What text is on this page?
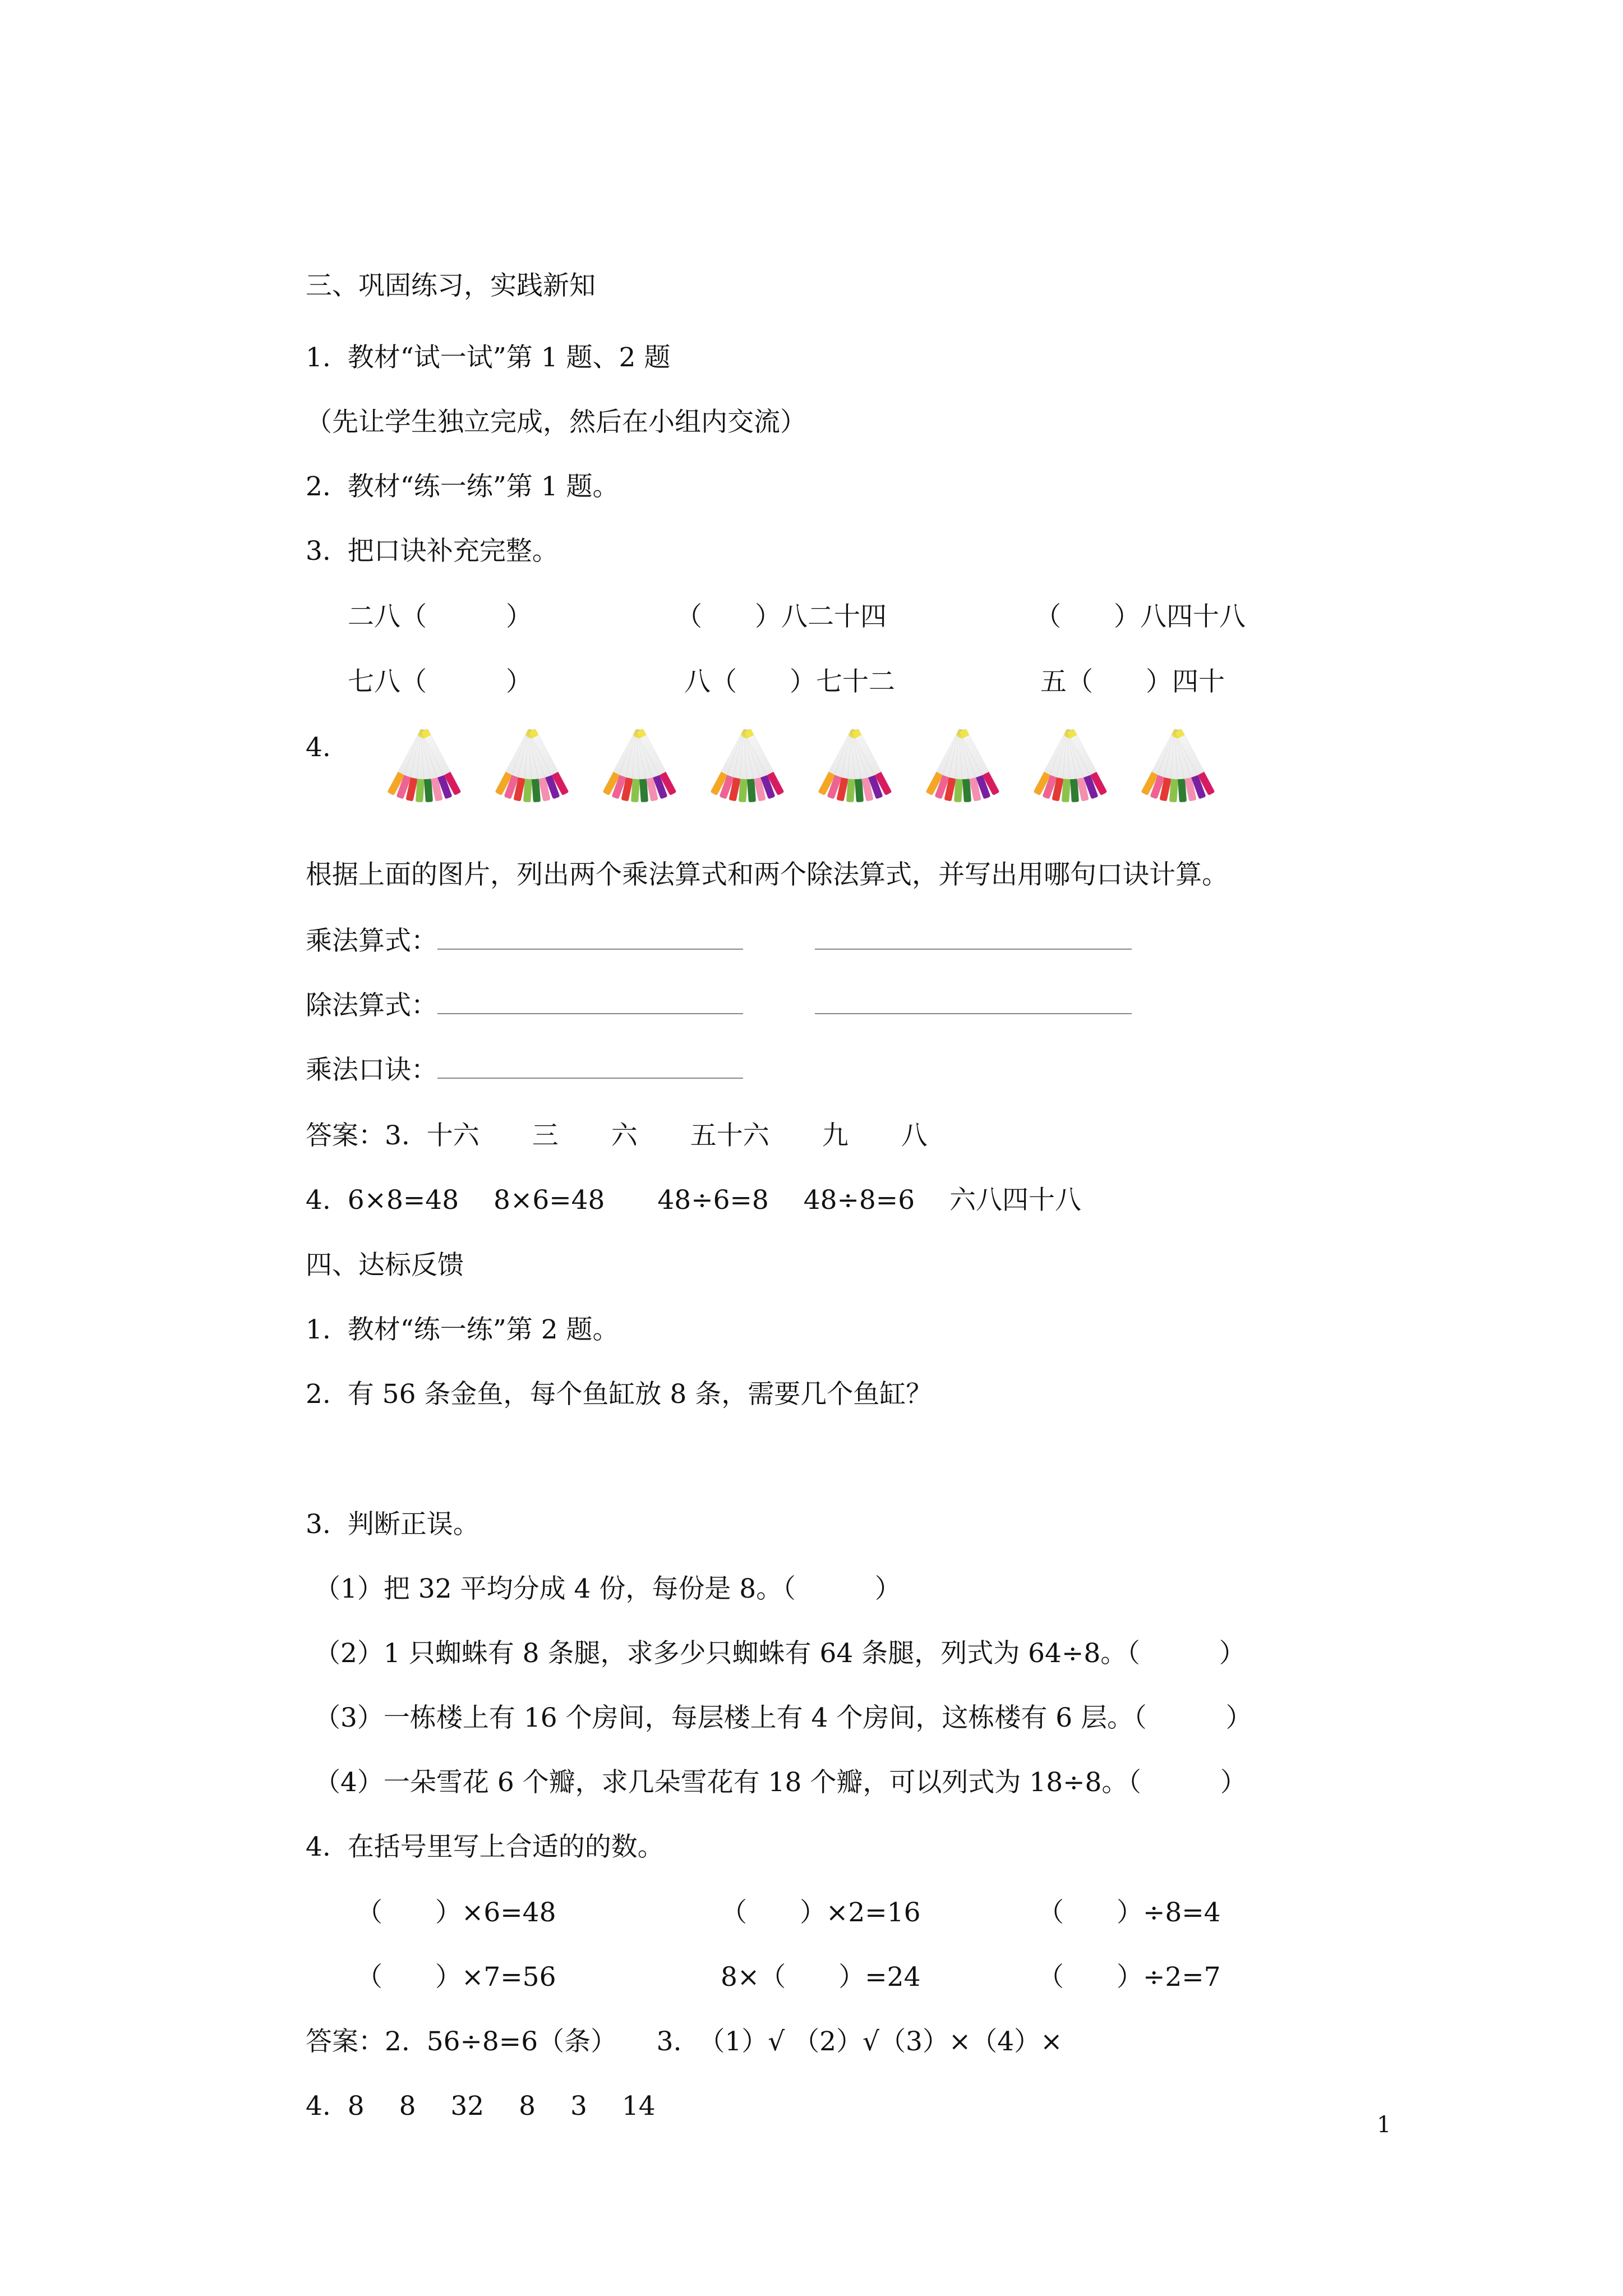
三、巩固练习，实践新知
1.  教材“试一试”第 1 题、2 题
（先让学生独立完成，然后在小组内交流）
2.  教材“练一练”第 1 题。
3.  把口诀补充完整。
二八（　　　）	（　　）八二十四	（　　）八四十八
七八（　　　）	八（　　）七十二	五（　　）四十
4.
根据上面的图片，列出两个乘法算式和两个除法算式，并写出用哪句口诀计算。
乘法算式：
除法算式：
乘法口诀：
答案：3.  十六　　三　　六　　五十六　　九　　八
4.  6×8=48　 8×6=48　　48÷6=8　 48÷8=6　 六八四十八
四、达标反馈
1.  教材“练一练”第 2 题。
2.  有 56 条金鱼，每个鱼缸放 8 条，需要几个鱼缸？
3.  判断正误。
（1）把 32 平均分成 4 份，每份是 8。（　　　）
（2）1 只蜘蛛有 8 条腿，求多少只蜘蛛有 64 条腿，列式为 64÷8。（　　　）
（3）一栋楼上有 16 个房间，每层楼上有 4 个房间，这栋楼有 6 层。（　　　）
（4）一朵雪花 6 个瓣，求几朵雪花有 18 个瓣，可以列式为 18÷8。（　　　）
4.  在括号里写上合适的的数。
（　　）×6=48	（　　）×2=16	（　　）÷8=4
（　　）×7=56	8×（　　）=24	（　　）÷2=7
答案：2.  56÷8=6（条）　　3.  （1）√ （2）√（3）×（4）×
4.  8　 8　 32　 8　 3　 14
1
